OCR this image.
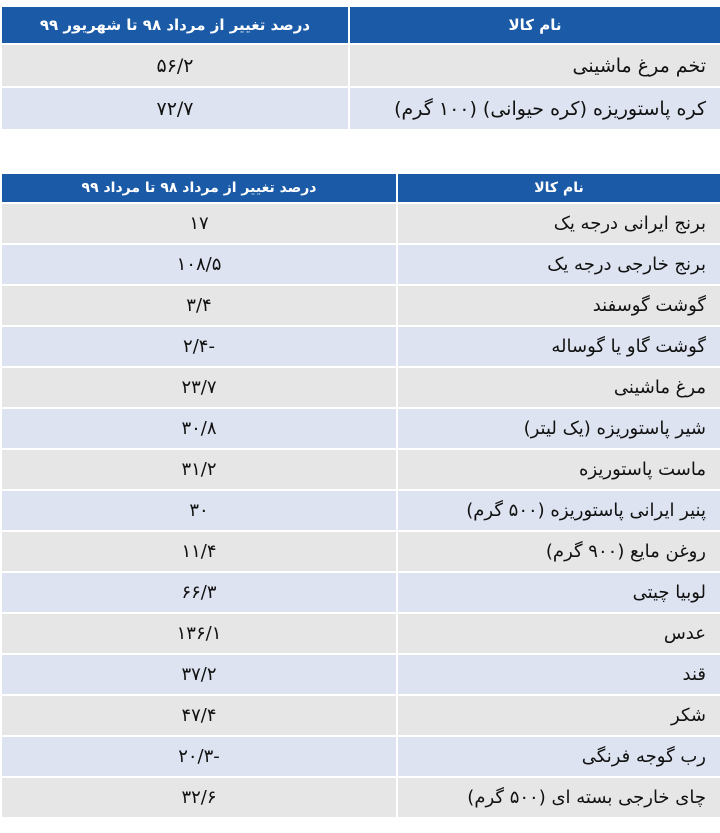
نام کالا	درصد تغییر از مرداد ۹۸ تا شهریور ۹۹
تخم مرغ ماشینی	۵۶/۲
کره پاستوریزه (کره حیوانی) (۱۰۰ گرم)	۷۲/۷
نام کالا	درصد تغییر از مرداد ۹۸ تا مرداد ۹۹
برنج ایرانی درجه یک	۱۷
برنج خارجی درجه یک	۱۰۸/۵
گوشت گوسفند	۳/۴
گوشت گاو یا گوساله	-۲/۴
مرغ ماشینی	۲۳/۷
شیر پاستوریزه (یک لیتر)	۳۰/۸
ماست پاستوریزه	۳۱/۲
پنیر ایرانی پاستوریزه (۵۰۰ گرم)	۳۰
روغن مایع (۹۰۰ گرم)	۱۱/۴
لوبیا چیتی	۶۶/۳
عدس	۱۳۶/۱
قند	۳۷/۲
شکر	۴۷/۴
رب گوجه فرنگی	-۲۰/۳
چای خارجی بسته ای (۵۰۰ گرم)	۳۲/۶
